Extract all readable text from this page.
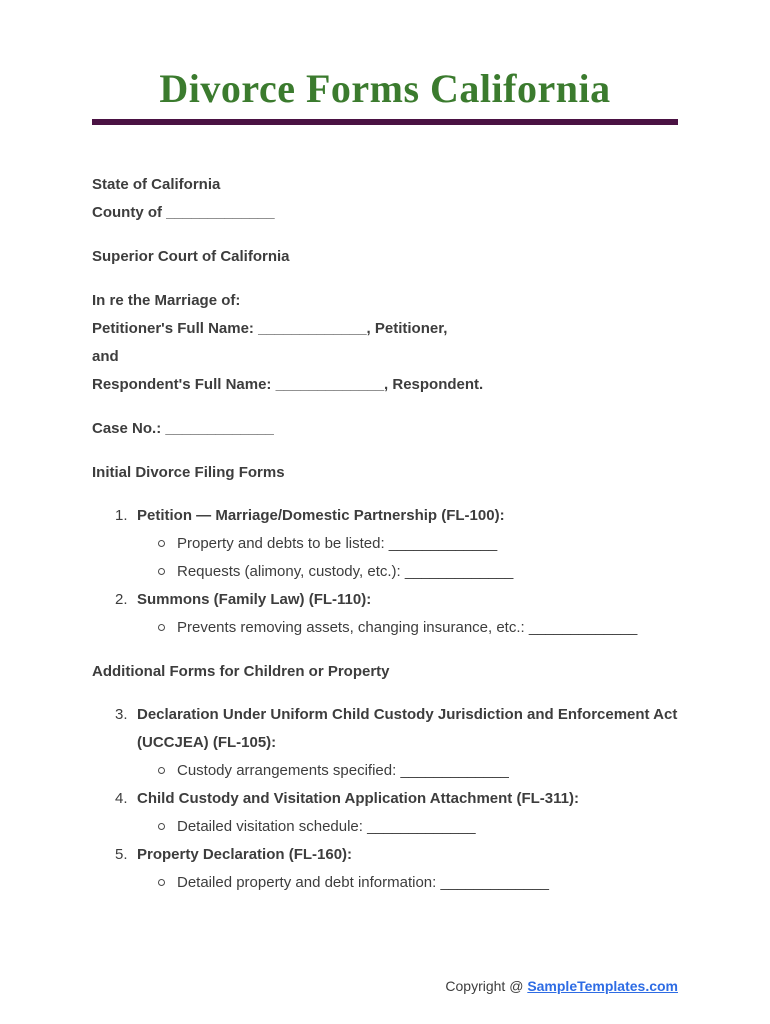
Divorce Forms California
State of California
County of _____________
Superior Court of California
In re the Marriage of:
Petitioner's Full Name: _____________, Petitioner,
and
Respondent's Full Name: _____________, Respondent.
Case No.: _____________
Initial Divorce Filing Forms
1. Petition — Marriage/Domestic Partnership (FL-100):
Property and debts to be listed: _____________
Requests (alimony, custody, etc.): _____________
2. Summons (Family Law) (FL-110):
Prevents removing assets, changing insurance, etc.: _____________
Additional Forms for Children or Property
3. Declaration Under Uniform Child Custody Jurisdiction and Enforcement Act (UCCJEA) (FL-105):
Custody arrangements specified: _____________
4. Child Custody and Visitation Application Attachment (FL-311):
Detailed visitation schedule: _____________
5. Property Declaration (FL-160):
Detailed property and debt information: _____________
Copyright @ SampleTemplates.com
